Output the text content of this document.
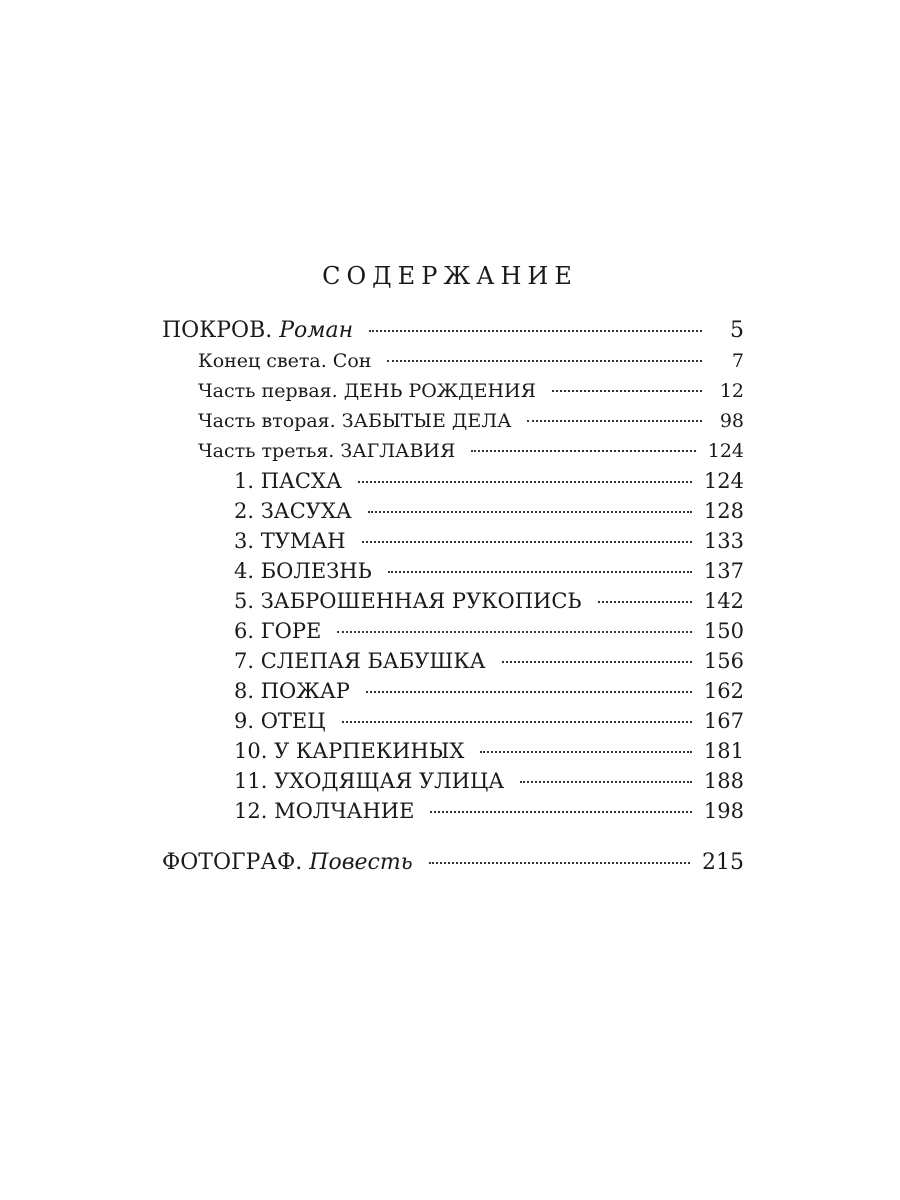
СОДЕРЖАНИЕ
ПОКРОВ. Роман	5
Конец света. Сон	7
Часть первая. ДЕНЬ РОЖДЕНИЯ	12
Часть вторая. ЗАБЫТЫЕ ДЕЛА	98
Часть третья. ЗАГЛАВИЯ	124
1. ПАСХА	124
2. ЗАСУХА	128
3. ТУМАН	133
4. БОЛЕЗНЬ	137
5. ЗАБРОШЕННАЯ РУКОПИСЬ	142
6. ГОРЕ	150
7. СЛЕПАЯ БАБУШКА	156
8. ПОЖАР	162
9. ОТЕЦ	167
10. У КАРПЕКИНЫХ	181
11. УХОДЯЩАЯ УЛИЦА	188
12. МОЛЧАНИЕ	198
ФОТОГРАФ. Повесть	215
